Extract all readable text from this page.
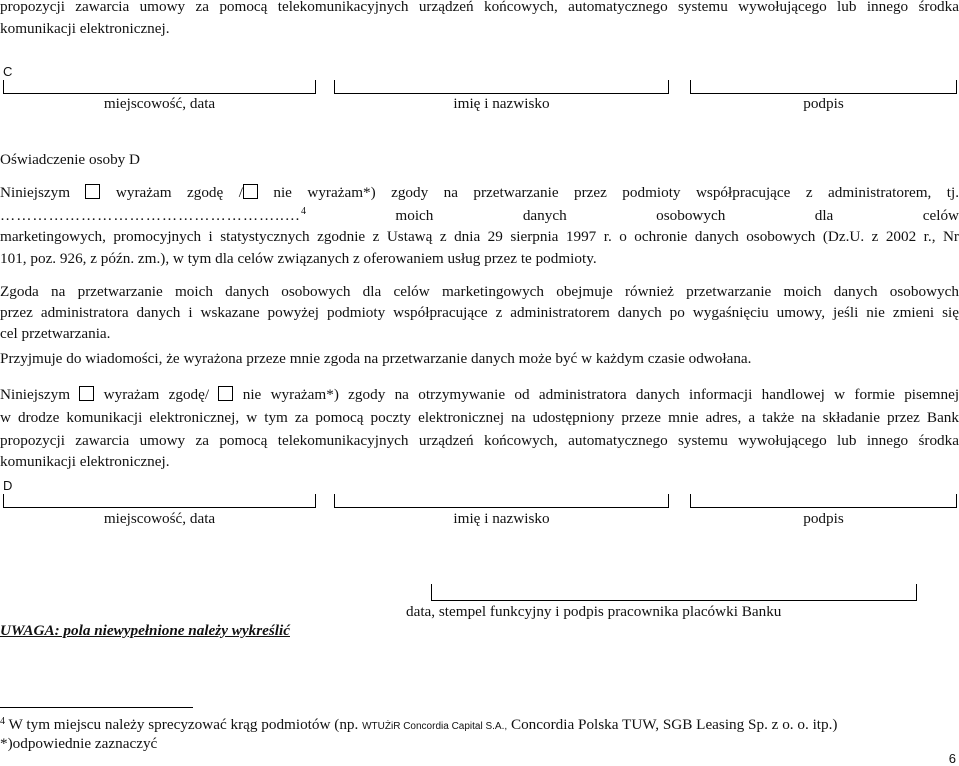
propozycji zawarcia umowy za pomocą telekomunikacyjnych urządzeń końcowych, automatycznego systemu wywołującego lub innego środka
komunikacji elektronicznej.
C
miejscowość, data	imię i nazwisko	podpis
Oświadczenie osoby D
Niniejszym	wyrażam zgodę / nie wyrażam*) zgody na przetwarzanie przez podmioty współpracujące z administratorem, tj.
……………………………………………..…$^4$	moich danych osobowych dla celów
marketingowych, promocyjnych i statystycznych zgodnie z Ustawą z dnia 29 sierpnia 1997 r. o ochronie danych osobowych (Dz.U. z 2002 r., Nr
101, poz. 926, z późn. zm.), w tym dla celów związanych z oferowaniem usług przez te podmioty.
Zgoda na przetwarzanie moich danych osobowych dla celów marketingowych obejmuje również przetwarzanie moich danych osobowych
przez administratora danych i wskazane powyżej podmioty współpracujące z administratorem danych po wygaśnięciu umowy, jeśli nie zmieni się
cel przetwarzania.
Przyjmuje do wiadomości, że wyrażona przeze mnie zgoda na przetwarzanie danych może być w każdym czasie odwołana.
Niniejszym wyrażam zgodę/ nie wyrażam*) zgody na otrzymywanie od administratora danych informacji handlowej w formie pisemnej
w drodze komunikacji elektronicznej, w tym za pomocą poczty elektronicznej na udostępniony przeze mnie adres, a także na składanie przez Bank
propozycji zawarcia umowy za pomocą telekomunikacyjnych urządzeń końcowych, automatycznego systemu wywołującego lub innego środka
komunikacji elektronicznej.
D
miejscowość, data	imię i nazwisko	podpis
data, stempel funkcyjny i podpis pracownika placówki Banku
UWAGA: pola niewypełnione należy wykreślić
$^4$ W tym miejscu należy sprecyzować krąg podmiotów (np. WTUŻiR Concordia Capital S.A., Concordia Polska TUW, SGB Leasing Sp. z o. o. itp.)
*)odpowiednie zaznaczyć
6
